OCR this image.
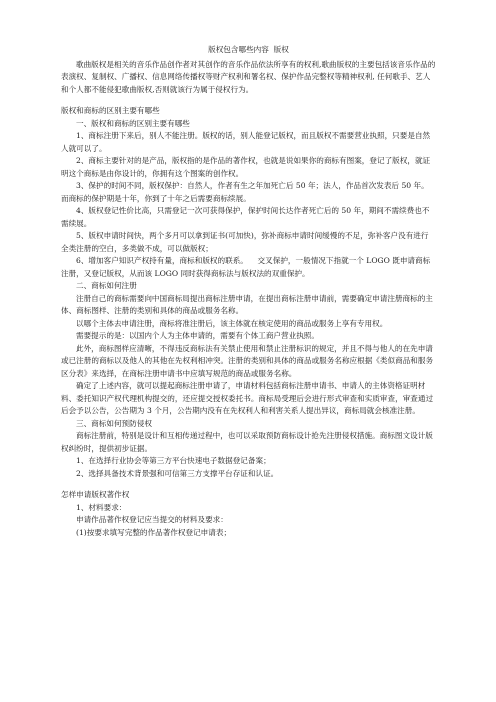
版权包含哪些内容  版权
歌曲版权是相关的音乐作品创作者对其创作的音乐作品依法所享有的权利,歌曲版权的主要包括该音乐作品的表演权、复制权、广播权、信息网络传播权等财产权利和署名权、保护作品完整权等精神权利, 任何歌手、艺人和个人都不能侵犯歌曲版权,否则就该行为属于侵权行为。
版权和商标的区别主要有哪些
一、版权和商标的区别主要有哪些
1、商标注册下来后，别人不能注册。版权的话，别人能登记版权，而且版权不需要营业执照，只要是自然人就可以了。
2、商标主要针对的是产品，版权指的是作品的著作权，也就是说如果你的商标有图案，登记了版权，就证明这个商标是由你设计的，你拥有这个图案的创作权。
3、保护的时间不同，版权保护：自然人，作者有生之年加死亡后 50 年；法人，作品首次发表后 50 年。而商标的保护期是十年，你到了十年之后需要商标续展。
4、版权登记性价比高，只需登记一次可获得保护，保护时间长达作者死亡后的 50 年，期间不需续费也不需续展。
5、版权申请时间快，两个多月可以拿到证书(可加快)，弥补商标申请时间缓慢的不足，弥补客户没有进行全类注册的空白，多类做不成，可以做版权；
6、增加客户知识产权持有量，商标和版权的联系。    交叉保护，一般情况下指就一个 LOGO 既申请商标注册，又登记版权，从而该 LOGO 同时获得商标法与版权法的双重保护。
二、商标如何注册
注册自己的商标需要向中国商标局提出商标注册申请，在提出商标注册申请前，需要确定申请注册商标的主体、商标图样、注册的类别和具体的商品或服务名称。
以哪个主体去申请注册，商标将准注册后，该主体就在核定使用的商品或服务上享有专用权。
需要提示的是：以国内个人为主体申请的，需要有个体工商户营业执照。
此外，商标图样应清晰，不得违反商标法有关禁止使用和禁止注册标识的规定，并且不得与他人的在先申请或已注册的商标以及他人的其他在先权利相冲突。注册的类别和具体的商品或服务名称应根据《类似商品和服务区分表》来选择，在商标注册申请书中应填写规范的商品或服务名称。
确定了上述内容，就可以提起商标注册申请了，申请材料包括商标注册申请书、申请人的主体资格证明材料、委托知识产权代理机构提交的，还应提交授权委托书。商标局受理后会进行形式审查和实质审查，审查通过后会予以公告，公告期为 3 个月，公告期内没有在先权利人和利害关系人提出异议，商标局就会核准注册。
三、商标如何预防侵权
商标注册前，特别是设计和互相传递过程中，也可以采取预防商标设计抢先注册侵权措施。商标图文设计版权纠纷时，提供初步证据。
1、在选择行业协会等第三方平台快速电子数据登记备案；
2、选择具备技术背景强和可信第三方支撑平台存证和认证。
怎样申请版权著作权
1、材料要求：
申请作品著作权登记应当提交的材料及要求：
(1)按要求填写完整的作品著作权登记申请表；
